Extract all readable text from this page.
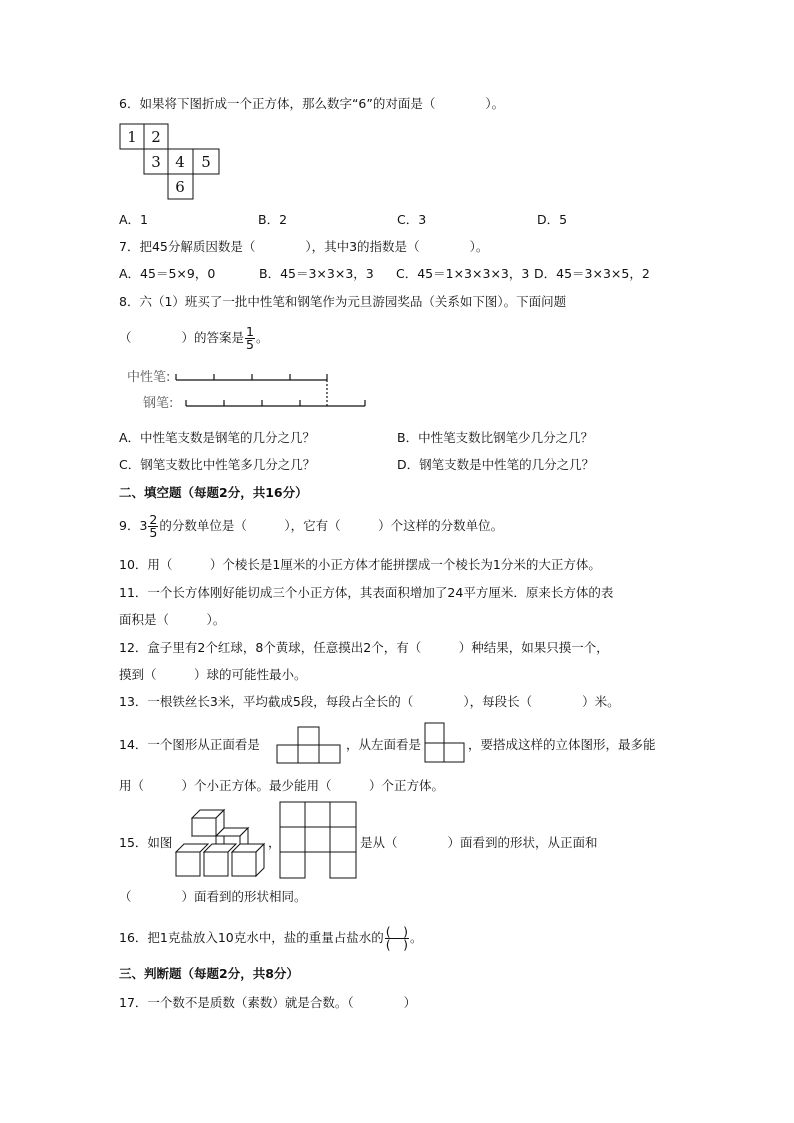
6．如果将下图折成一个正方体，那么数字“6”的对面是（　　　　）。
1 2
3 4 5
6
A．1	B．2	C．3	D．5
7．把45分解质因数是（　　　　），其中3的指数是（　　　　）。
A．45＝5×9，0	B．45＝3×3×3，3 C．45＝1×3×3×3，3 D．45＝3×3×5，2
8．六（1）班买了一批中性笔和钢笔作为元旦游园奖品（关系如下图）。下面问题
（　　　　）的答案是 $\frac{1}{5}$ 。
中性笔:
钢笔:
A．中性笔支数是钢笔的几分之几？	B．中性笔支数比钢笔少几分之几？
C．钢笔支数比中性笔多几分之几？	D．钢笔支数是中性笔的几分之几？
二、填空题（每题2分，共16分）
9．$3 \frac{2}{5}$ 的分数单位是（　　　），它有（　　　）个这样的分数单位。
10．用（　　　）个棱长是1厘米的小正方体才能拼摆成一个棱长为1分米的大正方体。
11．一个长方体刚好能切成三个小正方体，其表面积增加了24平方厘米．原来长方体的表
面积是（　　　）。
12．盒子里有2个红球，8个黄球，任意摸出2个，有（　　　）种结果，如果只摸一个，
摸到（　　　）球的可能性最小。
13．一根铁丝长3米，平均截成5段，每段占全长的（　　　　），每段长（　　　　）米。
14．一个图形从正面看是	，从左面看是	，要搭成这样的立体图形，最多能
用（　　　）个小正方体。最少能用（　　　）个正方体。
15．如图	，	是从（　　　　）面看到的形状，从正面和
（　　　　）面看到的形状相同。
16．把1克盐放入10克水中，盐的重量占盐水的 (　)
(　) 。
三、判断题（每题2分，共8分）
17．一个数不是质数（素数）就是合数。（　　　　）
